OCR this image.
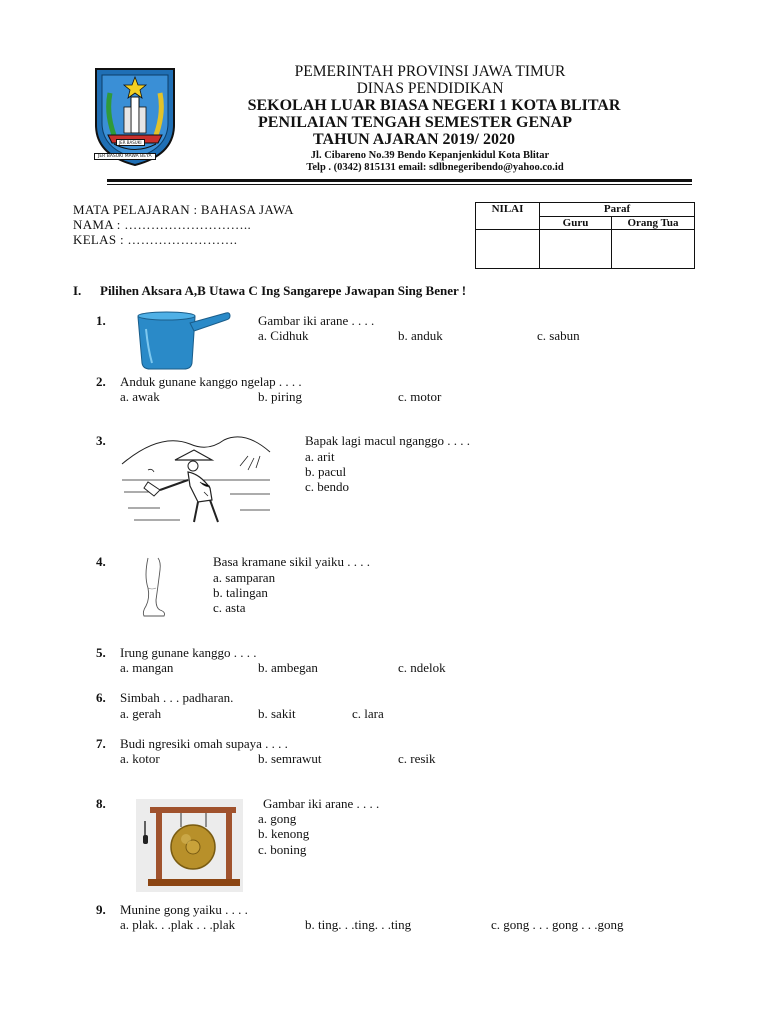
JER BASUKI
JER BASUKI MAWA BEYA
PEMERINTAH PROVINSI JAWA TIMUR
DINAS PENDIDIKAN
SEKOLAH LUAR BIASA NEGERI 1 KOTA BLITAR
PENILAIAN TENGAH SEMESTER GENAP
TAHUN AJARAN 2019/ 2020
Jl. Cibareno No.39 Bendo Kepanjenkidul Kota Blitar
Telp . (0342) 815131 email: sdlbnegeribendo@yahoo.co.id
MATA PELAJARAN : BAHASA JAWA
NAMA : ………………………..
KELAS : …………………….
NILAI	Paraf	
	Guru	Orang Tua

I. Pilihen Aksara A,B Utawa C Ing Sangarepe Jawapan Sing Bener !
1.	Gambar iki arane . . . .
a. Cidhuk	b. anduk	c. sabun
2. Anduk gunane kanggo ngelap . . . .
a. awak	b. piring	c. motor
3.	Bapak lagi macul nganggo . . . .
a. arit
b. pacul
c. bendo
4.	Basa kramane sikil yaiku . . . .
a. samparan
b. talingan
c. asta
5. Irung gunane kanggo . . . .
a. mangan	b. ambegan	c. ndelok
6. Simbah . . . padharan.
a. gerah	b. sakit	c. lara
7. Budi ngresiki omah supaya . . . .
a. kotor	b. semrawut	c. resik
8.	Gambar iki arane . . . .
a. gong
b. kenong
c. boning
9. Munine gong yaiku . . . .
a. plak. . .plak . . .plak	b. ting. . .ting. . .ting	c. gong . . . gong . . .gong
